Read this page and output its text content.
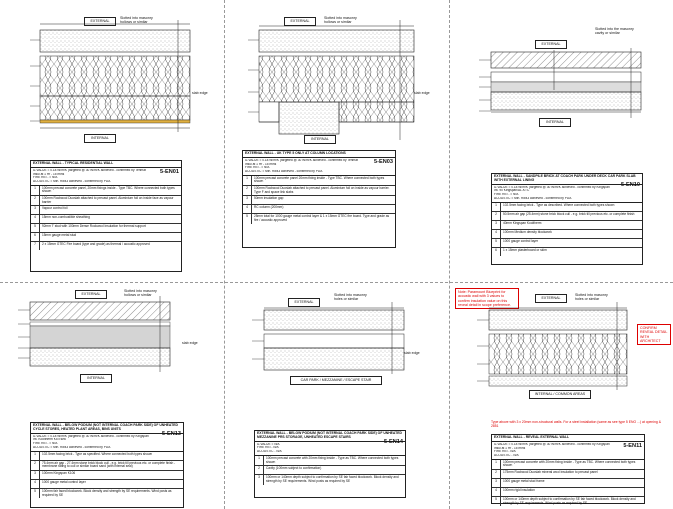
EXTERNAL
Slotted into masonry hollows or similar
slab edge
INTERNAL
EXTERNAL WALL - TYPICAL RESIDENTIAL WALL
5-EN01
U-VALUE = 0.18 W/m²K (targeted @ 30 W/m²K achieved - confirmed by Tenmat
Insul at 1 Hr - 15 mins
FIRE REI - = N/A
ACOUSTIC = Min. Rw43 achieved - confirmed by PDA
1	100mm precast concrete panel, 20mm fixings inside - Type TBC. Where connected both types shown
2	100mm Rockwool Duoslab attached to precast panel. Aluminium foil on inside face as vapour barrier
3	Vapour control foil
4	15mm non-combustible sheathing
5	92mm 'I' stud with 100mm Dense Rockwool Insulation for thermal support
6	15mm gauge metal stud
7	2 x 15mm GTEC Fire board (type and grade) as thermal / acoustic approved
EXTERNAL
Slotted into masonry hollows or similar
slab edge
INTERNAL
EXTERNAL WALL - UK TYPE 5 ONLY AT COLUMN LOCATIONS
5-EN03
U-VALUE = 0.18 W/m²K (targeted @ 30 W/m²K achieved - confirmed by Tenmat
Insul at 1 Hr - 15 mins
FIRE REI - = N/A
ACOUSTIC = Min. Rw43 achieved - confirmed by PDA
1	100mm precast concrete panel 20mm fixing inside - Type TBC. Where connected both types shown
2	100mm Rockwool Duoslab attached to precast panel. Aluminium foil on inside as vapour barrier. Type F and space link slabs
3	50mm insulation gap
4	RC column (200mm)
5	25mm total for 1000 gauge metal control layer & 1 x 15mm GTEC fire board. Type and grade as fire / acoustic approved
Slotted into the masonry cavity or similar
EXTERNAL
INTERNAL
EXTERNAL WALL - SANDPILE BRICK AT COACH PARK UNDER DECK CAR PARK SLAB WITH EXTERNAL LINING
5-EN10
U-VALUE = 0.18 W/m²K (targeted @ 30 W/m²K achieved - confirmed by Kingspan
Int. 90 Kingspan/AL-KTC
FIRE REI - = N/A
ACOUSTIC = Min. Rw43 achieved - confirmed by PDA
1	102.5mm facing brick - Type as described. Where connected both types shown
2	50.5mm air gap (25.4mm) stone brick block cull - e.g. brick till previous etc. or complete finish
3	40mm Kingspan Kooltherm
4	100mm Medium density blockwork
5	1000 gauge control layer
6	1 x 15mm plasterboard or skim
EXTERNAL
Slotted into masonry hollows or similar
slab edge
INTERNAL
EXTERNAL WALL - BELOW PODIUM (NOT INTERNAL COACH PARK SIDE) OF UNHEATED CYCLE STORES, HEATED PLANT AREAS, BINS UNITS
5-EN13
U-VALUE = 0.18 W/m²K (targeted @ 30 W/m²K achieved - confirmed by Kingspan
Int. Kooltherm K5 EWB
FIRE REI - = N/A
ACOUSTIC = Min. Rw43 achieved - confirmed by PDA
1	102.5mm facing brick - Type as specified. Where connected both types shown
2	75.4mm air gap - 27.4mm stone brick block cull - e.g. brick till previous etc. or complete finish - membrane rating to cull or similar board sand (with internal seal)
3	100mm Kingspan K106
4	1000 gauge metal control layer
5	100mm fair faced blockwork. Block density and strength by SE requirements. Wind posts as required by SE
EXTERNAL
Slotted into masonry holes or similar
slab edge
CAR PARK / MEZZANINE / ESCAPE STAIR
EXTERNAL WALL - BELOW PODIUM (NOT INTERNAL COACH PARK SIDE) OF UNHEATED MEZZANINE PRS STORAGE, UNHEATED ESCAPE STAIRS
5-EN14
U-VALUE = N/A
FIRE REI - N/A
ACOUSTIC - N/A
1	100mm precast concrete with 20mm fixing inside - Type as TBC. Where connected both types shown
2	Cavity (100mm subject to confirmation)
3	100mm or 140mm depth subject to confirmation by SE fair faced blockwork. Block density and strength by SE requirements. Wind posts as required by SE
Note: Paramount Blueprint for acoustic wall with 3 values to confirm insulation value on this reveal detail in scope preference.
EXTERNAL
Slotted into masonry holes or similar
CONFIRM REVEAL DETAIL WITH ARCHITECT
INTERNAL / COMMON AREAS
Type above with 3 x 20mm non-structural walls. For a steel installation (same as see type 5 ENO ...) at opening & 2851
EXTERNAL WALL - REVEAL EXTERNAL WALL
5-EN11
U-VALUE = 0.18 W/m²K (targeted @ 30 W/m²K achieved - confirmed by Kingspan
Insul at 1 Hr - 15 mins
FIRE REI - N/A
ACOUSTIC - N/A
1	100mm precast concrete with 20mm fixing inside - Type as TBC. Where connected both types shown
2	175mm Rockwool Duoslab mineral wool insulation to precast panel
3	1000 gauge metal stud frame
4	100mm rigid insulation
5	100mm or 140mm depth subject to confirmation by SE fair faced blockwork. Block density and strength by SE requirements. Wind posts as required by SE
